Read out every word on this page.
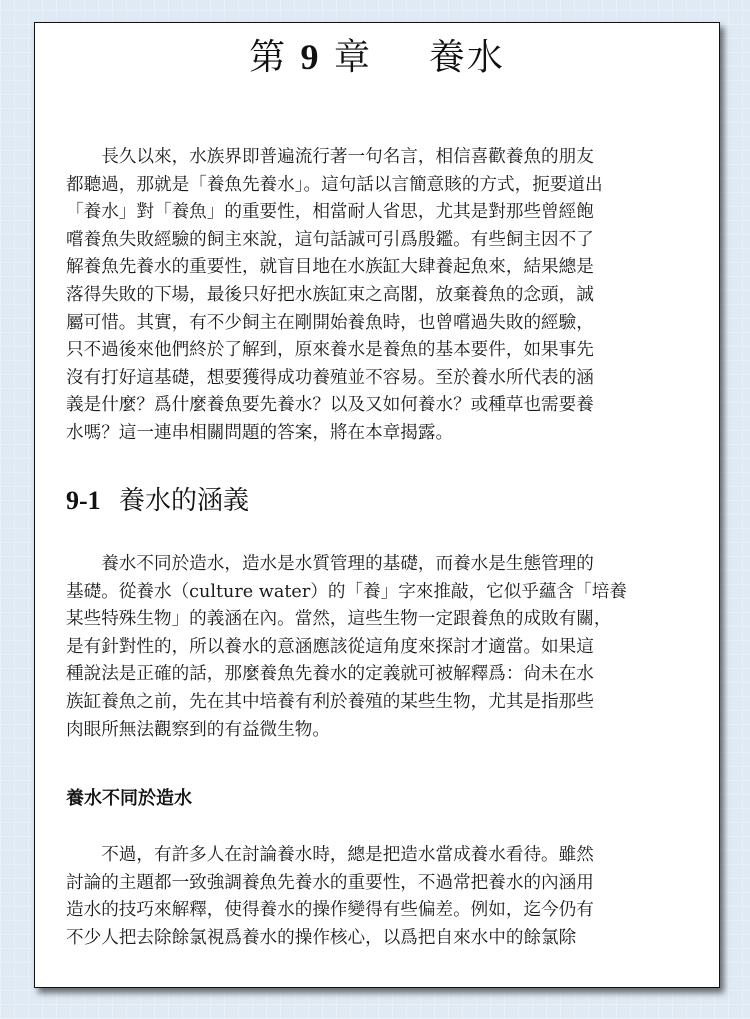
第 9 章 養水
長久以來，水族界即普遍流行著一句名言，相信喜歡養魚的朋友
都聽過，那就是「養魚先養水」。這句話以言簡意賅的方式，扼要道出
「養水」對「養魚」的重要性，相當耐人省思，尤其是對那些曾經飽
嚐養魚失敗經驗的飼主來說，這句話誠可引爲殷鑑。有些飼主因不了
解養魚先養水的重要性，就盲目地在水族缸大肆養起魚來，結果總是
落得失敗的下場，最後只好把水族缸束之高閣，放棄養魚的念頭，誠
屬可惜。其實，有不少飼主在剛開始養魚時，也曾嚐過失敗的經驗，
只不過後來他們終於了解到，原來養水是養魚的基本要件，如果事先
沒有打好這基礎，想要獲得成功養殖並不容易。至於養水所代表的涵
義是什麼？爲什麼養魚要先養水？以及又如何養水？或種草也需要養
水嗎？這一連串相關問題的答案，將在本章揭露。
9-1 養水的涵義
養水不同於造水，造水是水質管理的基礎，而養水是生態管理的
基礎。從養水（culture water）的「養」字來推敲，它似乎蘊含「培養
某些特殊生物」的義涵在內。當然，這些生物一定跟養魚的成敗有關，
是有針對性的，所以養水的意涵應該從這角度來探討才適當。如果這
種說法是正確的話，那麼養魚先養水的定義就可被解釋爲：尙未在水
族缸養魚之前，先在其中培養有利於養殖的某些生物，尤其是指那些
肉眼所無法觀察到的有益微生物。
養水不同於造水
不過，有許多人在討論養水時，總是把造水當成養水看待。雖然
討論的主題都一致強調養魚先養水的重要性，不過常把養水的內涵用
造水的技巧來解釋，使得養水的操作變得有些偏差。例如，迄今仍有
不少人把去除餘氯視爲養水的操作核心，以爲把自來水中的餘氯除
